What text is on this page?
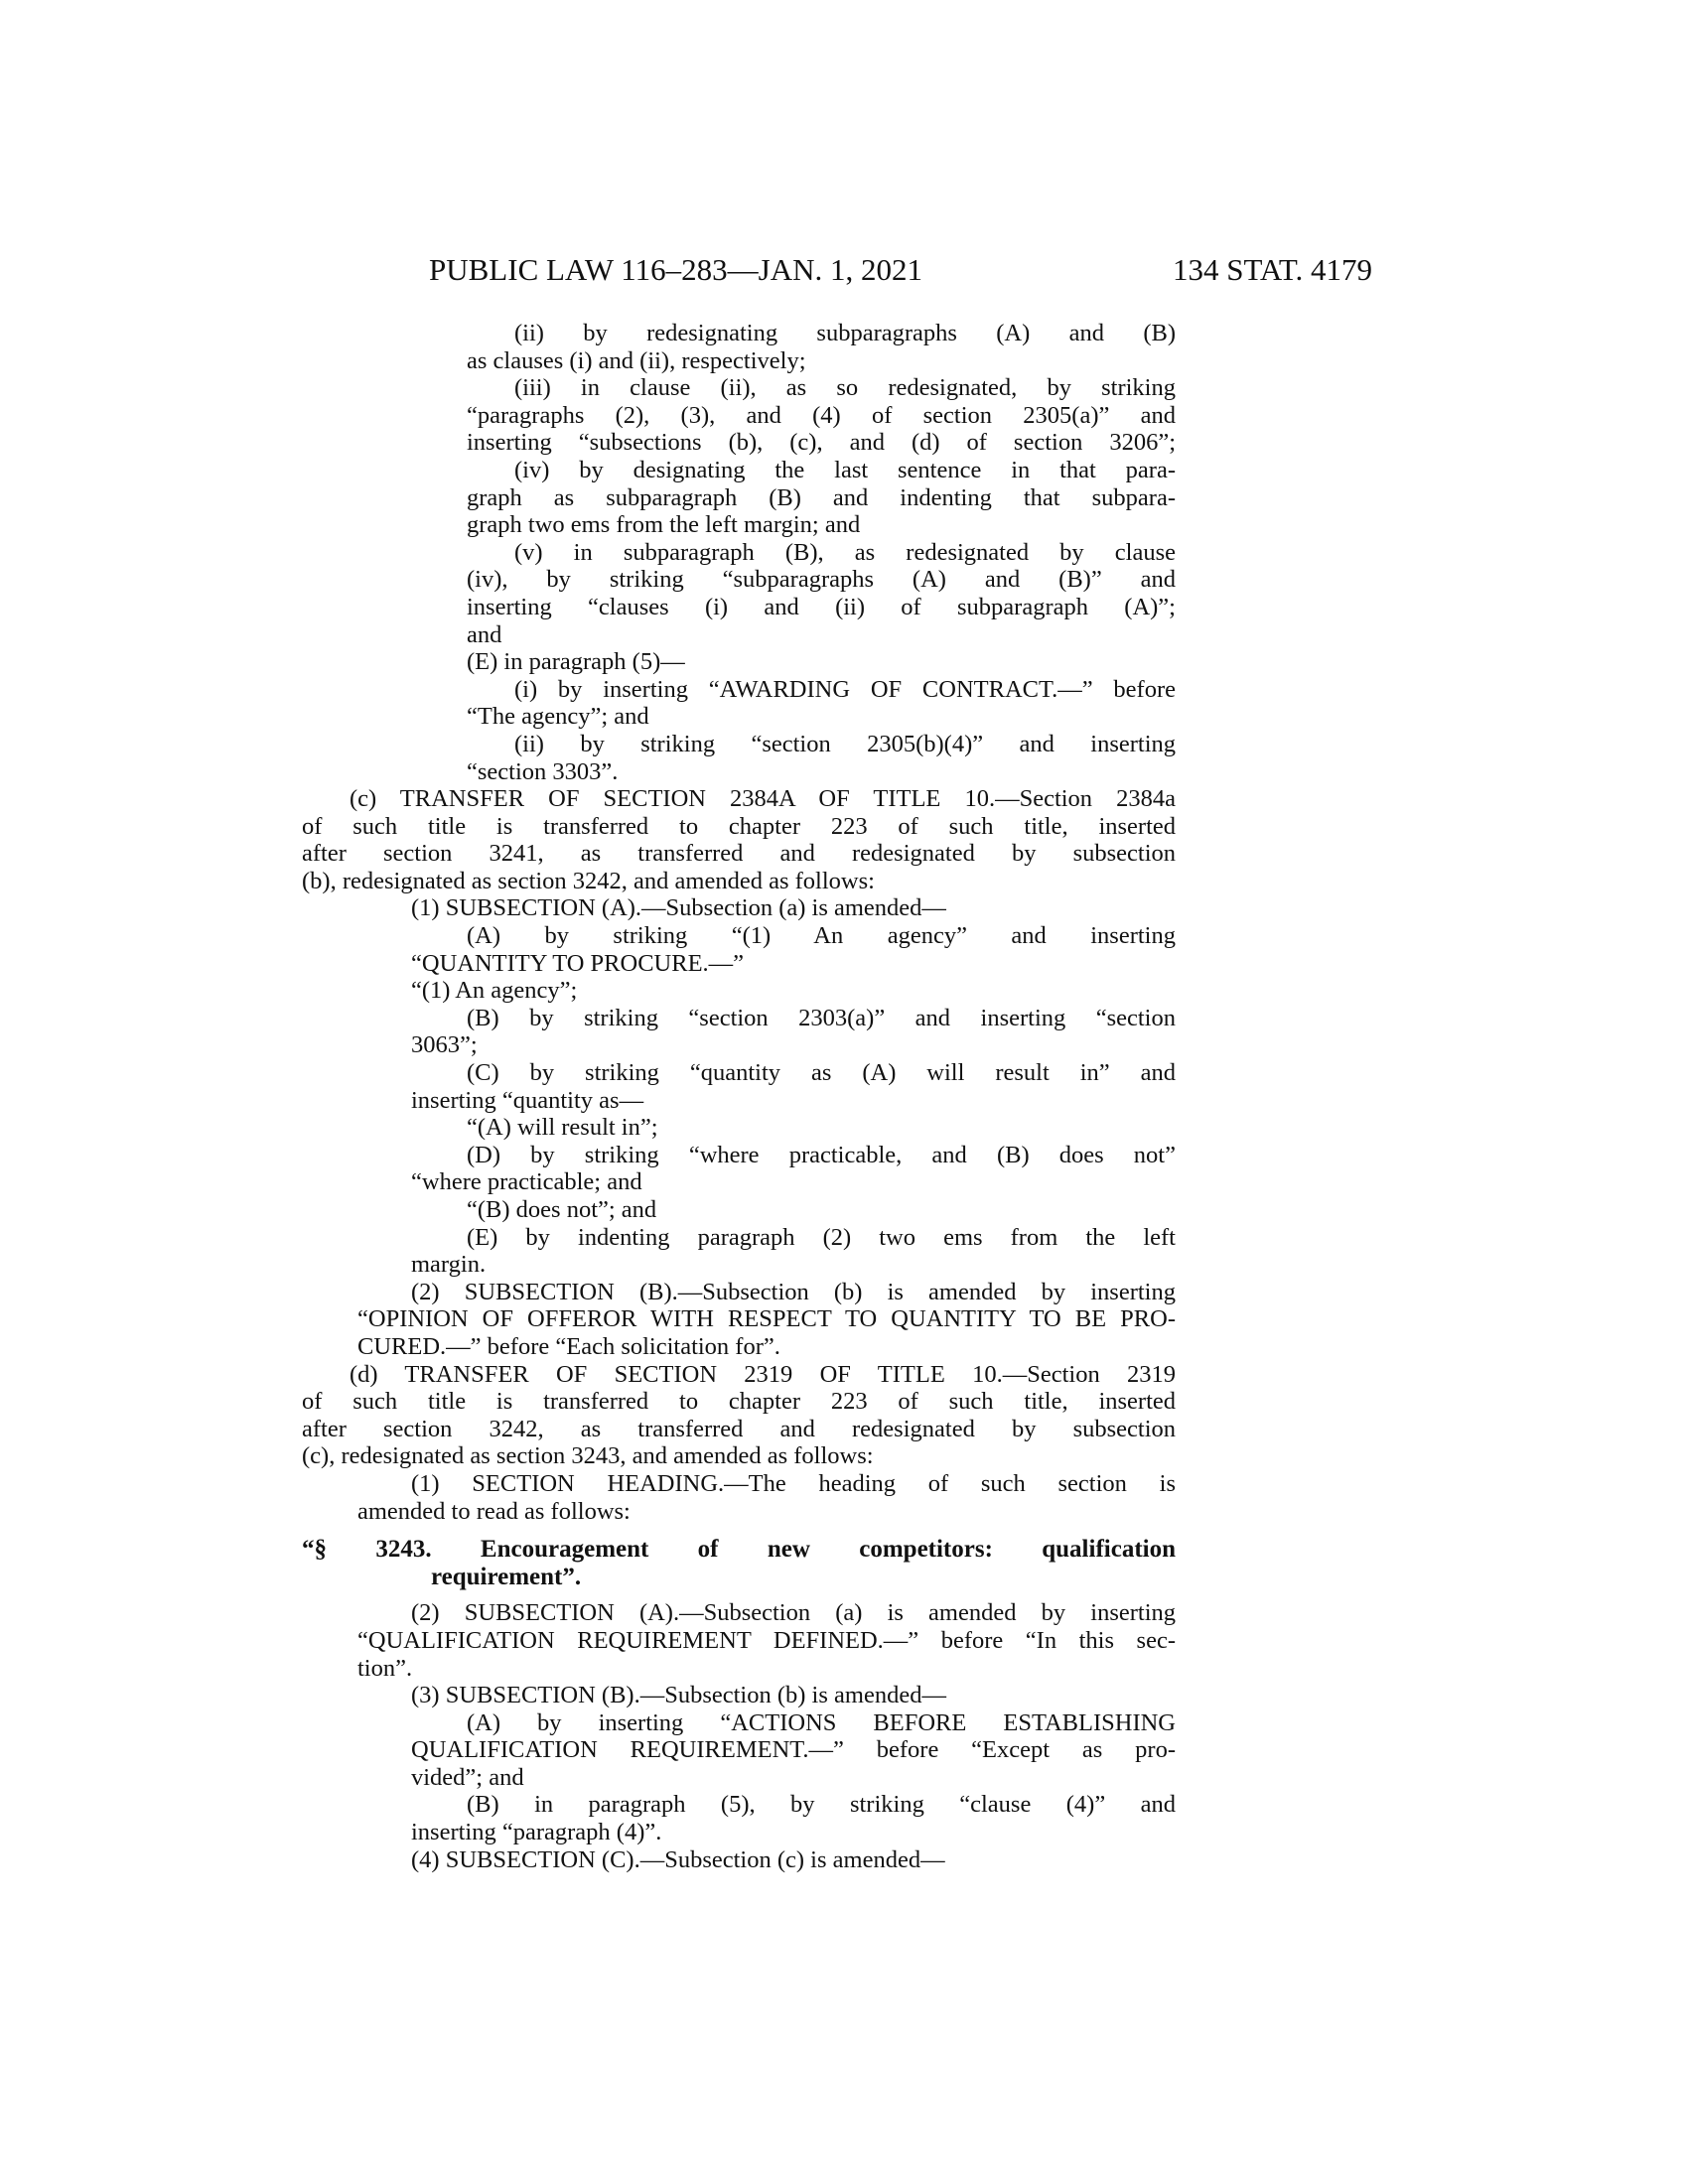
PUBLIC LAW 116–283—JAN. 1, 2021	134 STAT. 4179
(ii) by redesignating subparagraphs (A) and (B)
as clauses (i) and (ii), respectively;
(iii) in clause (ii), as so redesignated, by striking
“paragraphs (2), (3), and (4) of section 2305(a)” and
inserting “subsections (b), (c), and (d) of section 3206”;
(iv) by designating the last sentence in that para-
graph as subparagraph (B) and indenting that subpara-
graph two ems from the left margin; and
(v) in subparagraph (B), as redesignated by clause
(iv), by striking “subparagraphs (A) and (B)” and
inserting “clauses (i) and (ii) of subparagraph (A)”;
and
(E) in paragraph (5)—
(i) by inserting “AWARDING OF CONTRACT.—” before
“The agency”; and
(ii) by striking “section 2305(b)(4)” and inserting
“section 3303”.
(c) TRANSFER OF SECTION 2384A OF TITLE 10.—Section 2384a
of such title is transferred to chapter 223 of such title, inserted
after section 3241, as transferred and redesignated by subsection
(b), redesignated as section 3242, and amended as follows:
(1) SUBSECTION (A).—Subsection (a) is amended—
(A) by striking “(1) An agency” and inserting
“QUANTITY TO PROCURE.—”
“(1) An agency”;
(B) by striking “section 2303(a)” and inserting “section
3063”;
(C) by striking “quantity as (A) will result in” and
inserting “quantity as—
“(A) will result in”;
(D) by striking “where practicable, and (B) does not”
“where practicable; and
“(B) does not”; and
(E) by indenting paragraph (2) two ems from the left
margin.
(2) SUBSECTION (B).—Subsection (b) is amended by inserting
“OPINION OF OFFEROR WITH RESPECT TO QUANTITY TO BE PRO-
CURED.—” before “Each solicitation for”.
(d) TRANSFER OF SECTION 2319 OF TITLE 10.—Section 2319
of such title is transferred to chapter 223 of such title, inserted
after section 3242, as transferred and redesignated by subsection
(c), redesignated as section 3243, and amended as follows:
(1) SECTION HEADING.—The heading of such section is
amended to read as follows:
“§ 3243. Encouragement of new competitors: qualification
requirement”.
(2) SUBSECTION (A).—Subsection (a) is amended by inserting
“QUALIFICATION REQUIREMENT DEFINED.—” before “In this sec-
tion”.
(3) SUBSECTION (B).—Subsection (b) is amended—
(A) by inserting “ACTIONS BEFORE ESTABLISHING
QUALIFICATION REQUIREMENT.—” before “Except as pro-
vided”; and
(B) in paragraph (5), by striking “clause (4)” and
inserting “paragraph (4)”.
(4) SUBSECTION (C).—Subsection (c) is amended—
